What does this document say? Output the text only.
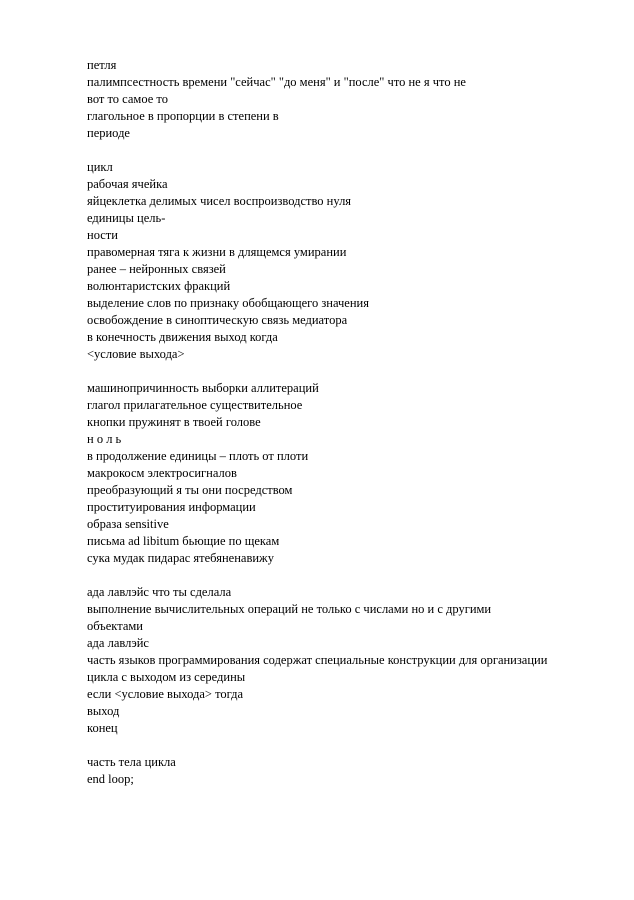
петля
палимпсестность времени "сейчас" "до меня" и "после" что не я что не
вот то самое то
глагольное в пропорции в степени в
периоде
цикл
рабочая ячейка
яйцеклетка делимых чисел воспроизводство нуля
единицы цель-
ности
правомерная тяга к жизни в длящемся умирании
ранее – нейронных связей
волюнтаристских фракций
выделение слов по признаку обобщающего значения
освобождение в синоптическую связь медиатора
в конечность движения выход когда
<условие выхода>
машинопричинность выборки аллитераций
глагол прилагательное существительное
кнопки пружинят в твоей голове
н о л ь
в продолжение единицы – плоть от плоти
макрокосм электросигналов
преобразующий я ты они посредством
проституирования информации
образа sensitive
письма ad libitum бьющие по щекам
сука мудак пидарас ятебяненавижу
ада лавлэйс что ты сделала
выполнение вычислительных операций не только с числами но и с другими
объектами
ада лавлэйс
часть языков программирования содержат специальные конструкции для организации
цикла с выходом из середины
если <условие выхода> тогда
выход
конец
часть тела цикла
end loop;
